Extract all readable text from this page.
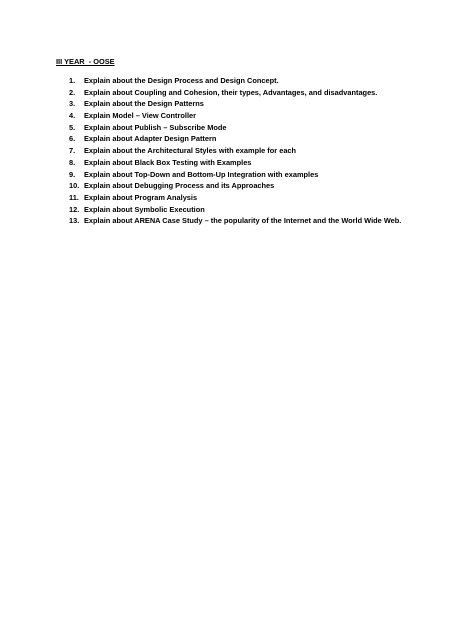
III YEAR  - OOSE
1.	Explain about the Design Process and Design Concept.
2.	Explain about Coupling and Cohesion, their types, Advantages, and disadvantages.
3.	Explain about the Design Patterns
4.	Explain Model – View Controller
5.	Explain about Publish – Subscribe Mode
6.	Explain about Adapter Design Pattern
7.	Explain about the Architectural Styles with example for each
8.	Explain about Black Box Testing with Examples
9.	Explain about Top-Down and Bottom-Up Integration with examples
10. Explain about Debugging Process and its Approaches
11. Explain about Program Analysis
12. Explain about Symbolic Execution
13. Explain about ARENA Case Study – the popularity of the Internet and the World Wide Web.
